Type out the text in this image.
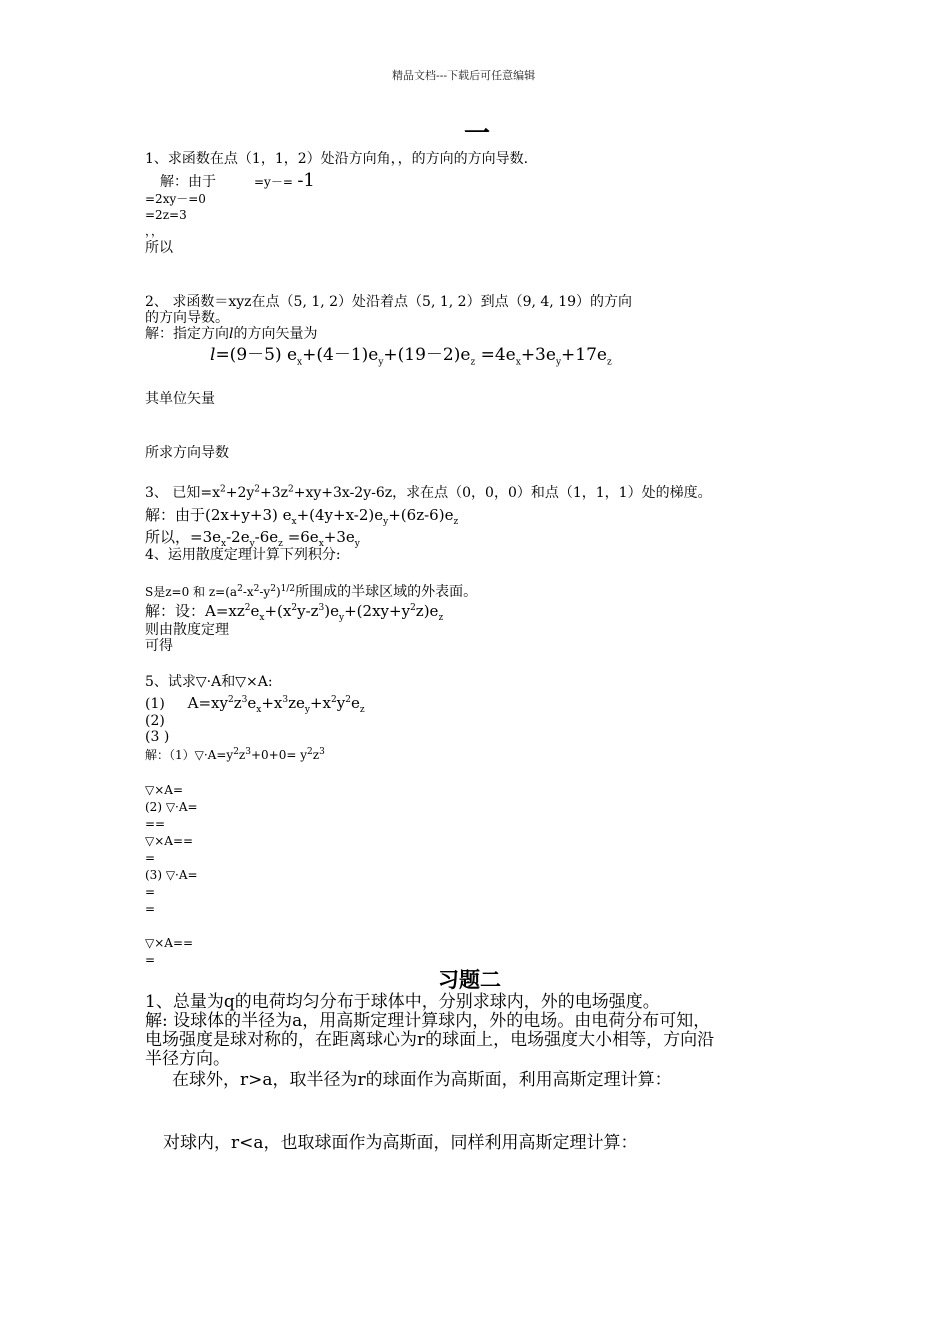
精品文档---下载后可任意编辑
一
1、求函数在点（1，1，2）处沿方向角，，的方向的方向导数.
解：由于	=y－= -1
=2xy－=0
=2z=3
，，
所以
2、 求函数＝xyz在点（5, 1, 2）处沿着点（5, 1, 2）到点（9, 4, 19）的方向
的方向导数。
解：指定方向l的方向矢量为
l=(9－5) $e_x+(4-1)e_y+(19-2)e_z =4e_x+3e_y+17e_z$
其单位矢量
所求方向导数
3、 已知$=x^2+2y^2+3z^2+xy+3x-2y-6z$，求在点（0，0，0）和点（1，1，1）处的梯度。
解：由于(2x+y+3) $e_x+(4y+x-2)e_y+(6z-6)e_z$
所以，$=3e_x-2e_y-6e_z =6e_x+3e_y$
4、运用散度定理计算下列积分:
S是z=0 和 $z=(a^2-x^2-y^2)^{1/2}$所围成的半球区域的外表面。
解：设：$A=xz^2e_x+(x^2y-z^3)e_y+(2xy+y^2z)e_z$
则由散度定理
可得
5、试求▽·A和▽×A:
(1) $A=xy^2z^3e_x+x^3ze_y+x^2y^2e_z$
(2)
(3 )
解：$(1)▽\cdot A=y^2z^3+0+0= y^2z^3$
▽×A=
(2) ▽·A=
==
▽×A==
=
(3) ▽·A=
=
=
▽×A==
=
习题二
1、总量为q的电荷均匀分布于球体中，分别求球内，外的电场强度。
解: 设球体的半径为a，用高斯定理计算球内，外的电场。由电荷分布可知，
电场强度是球对称的，在距离球心为r的球面上，电场强度大小相等，方向沿
半径方向。
在球外，r>a，取半径为r的球面作为高斯面，利用高斯定理计算：
对球内，r<a，也取球面作为高斯面，同样利用高斯定理计算：
